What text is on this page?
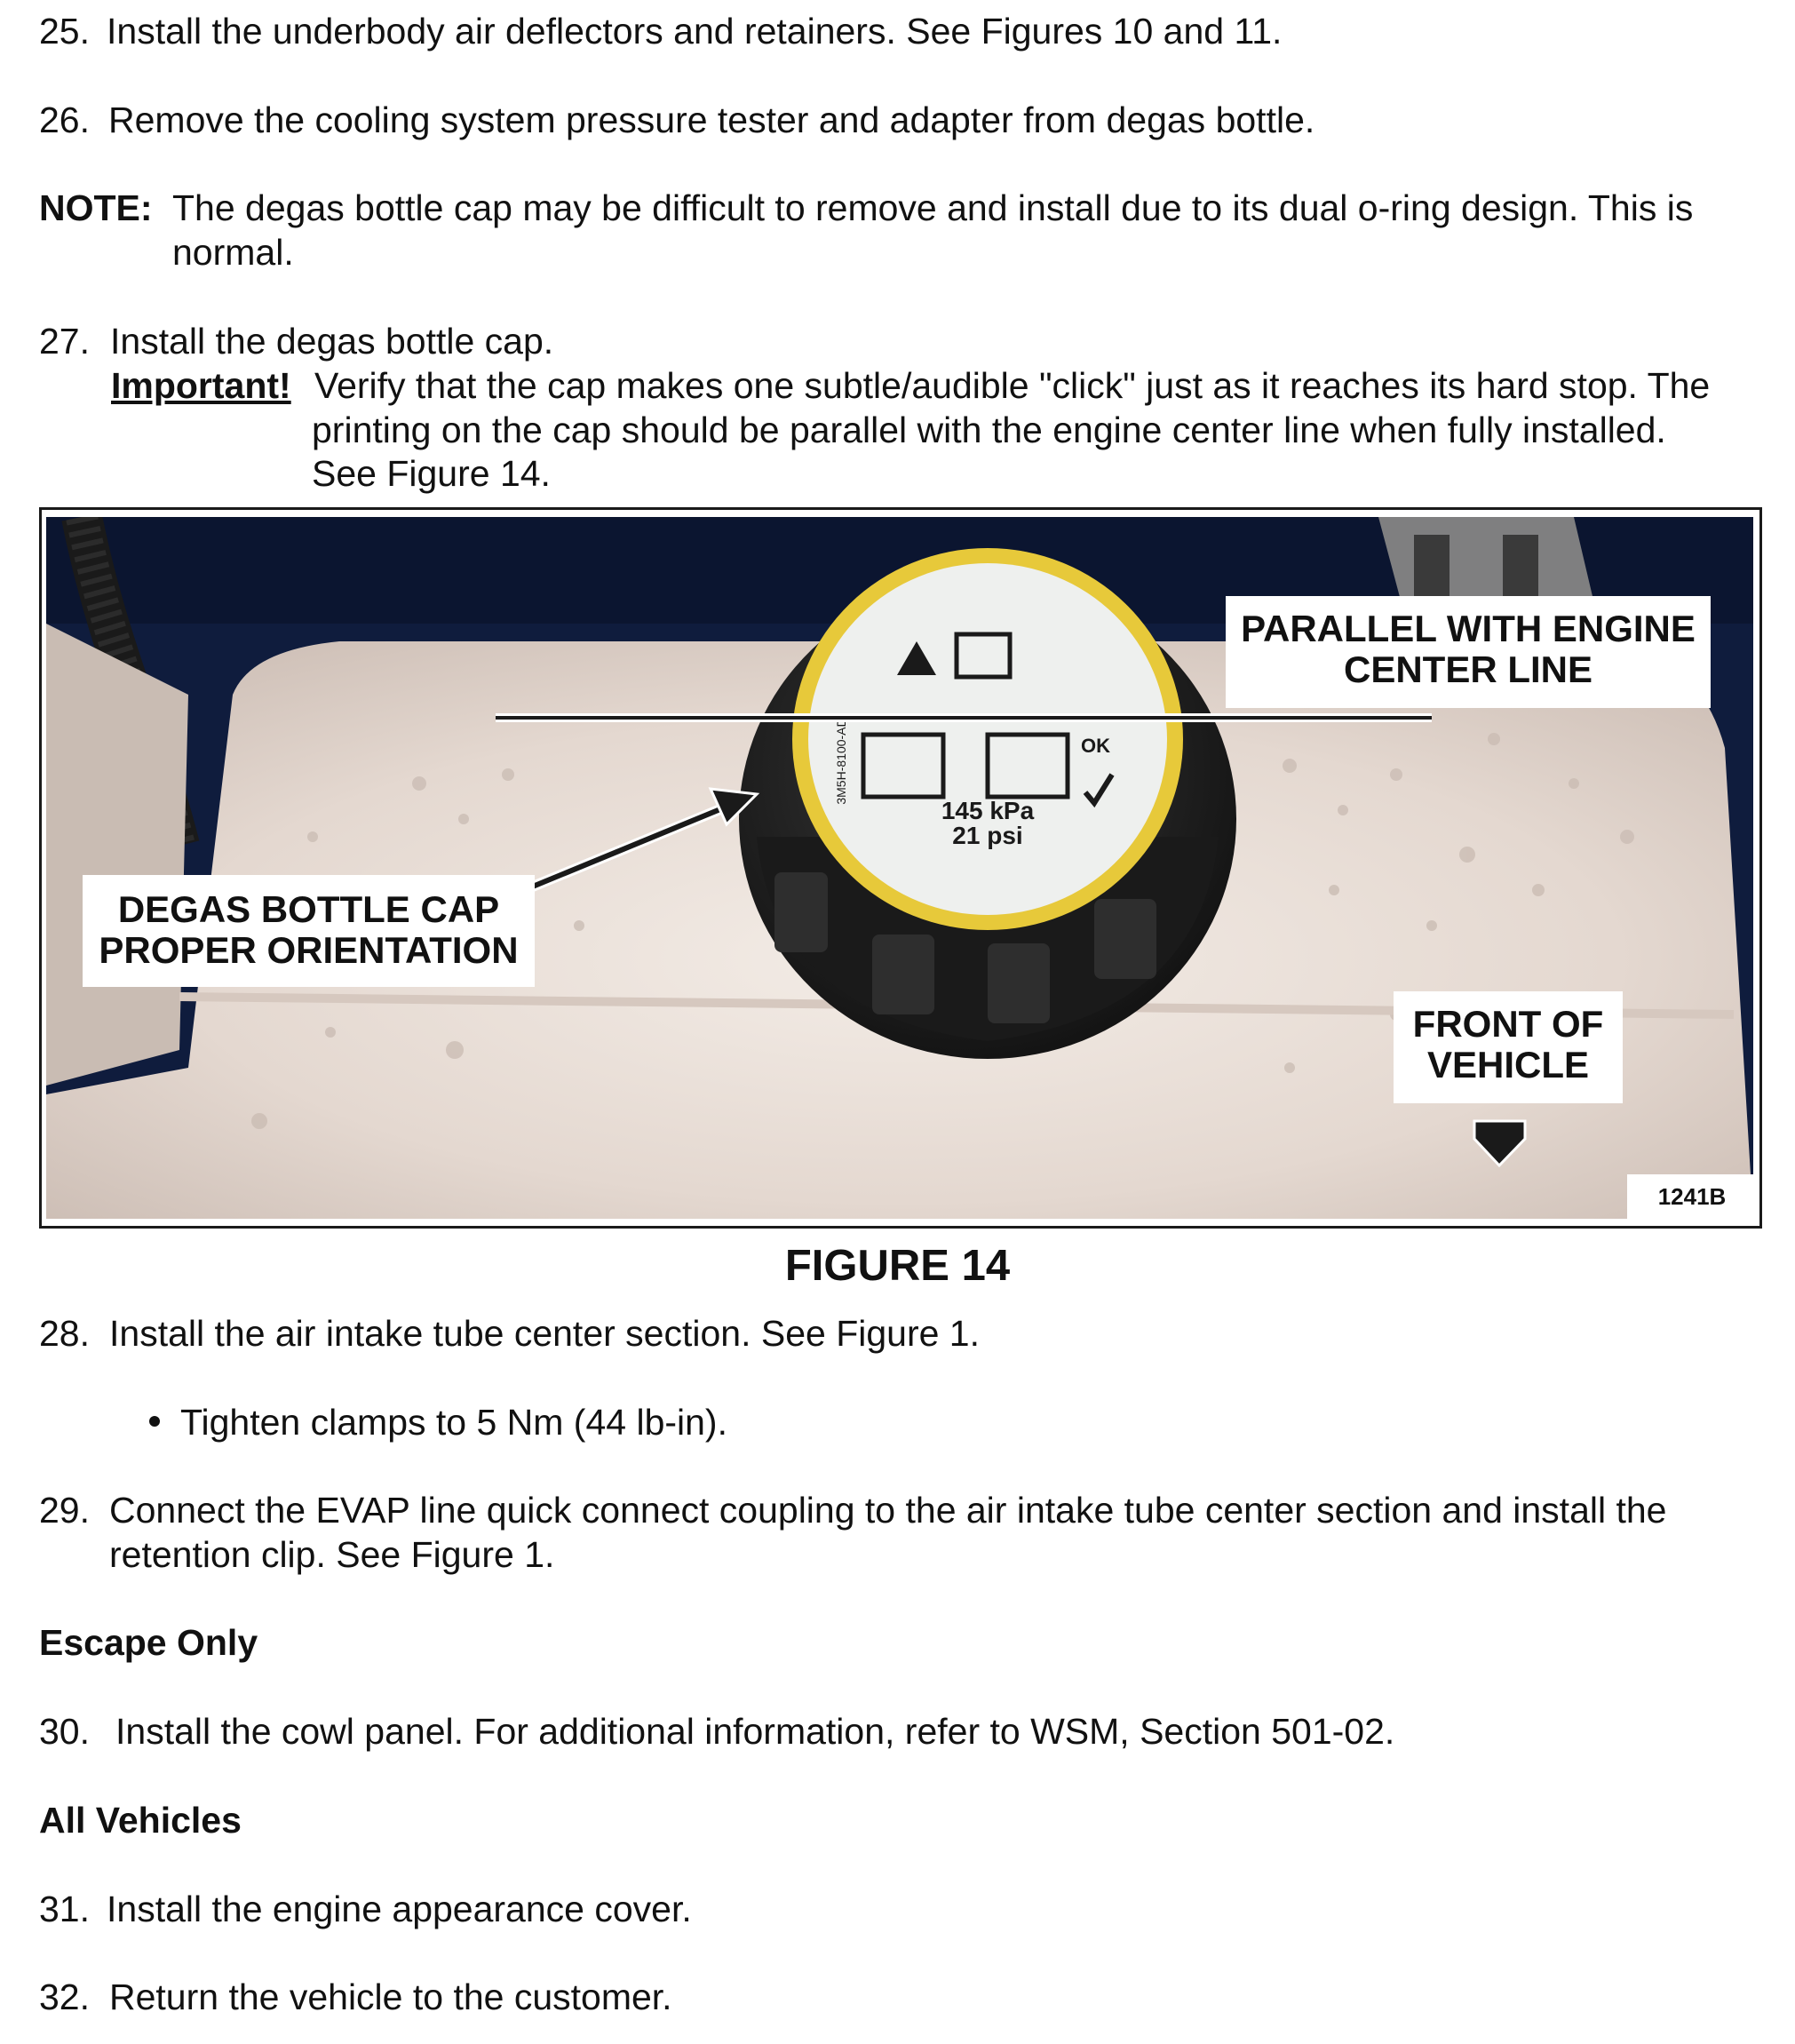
25. Install the underbody air deflectors and retainers. See Figures 10 and 11.
26. Remove the cooling system pressure tester and adapter from degas bottle.
NOTE: The degas bottle cap may be difficult to remove and install due to its dual o-ring design. This is
normal.
27. Install the degas bottle cap.
Important! Verify that the cap makes one subtle/audible "click" just as it reaches its hard stop. The
printing on the cap should be parallel with the engine center line when fully installed.
See Figure 14.
OK
145 kPa
21 psi
3M5H-8100-AD
PARALLEL WITH ENGINE
CENTER LINE
DEGAS BOTTLE CAP
PROPER ORIENTATION
FRONT OF
VEHICLE
1241B
FIGURE 14
28. Install the air intake tube center section. See Figure 1.
Tighten clamps to 5 Nm (44 lb-in).
29. Connect the EVAP line quick connect coupling to the air intake tube center section and install the
retention clip. See Figure 1.
Escape Only
30. Install the cowl panel. For additional information, refer to WSM, Section 501-02.
All Vehicles
31. Install the engine appearance cover.
32. Return the vehicle to the customer.
